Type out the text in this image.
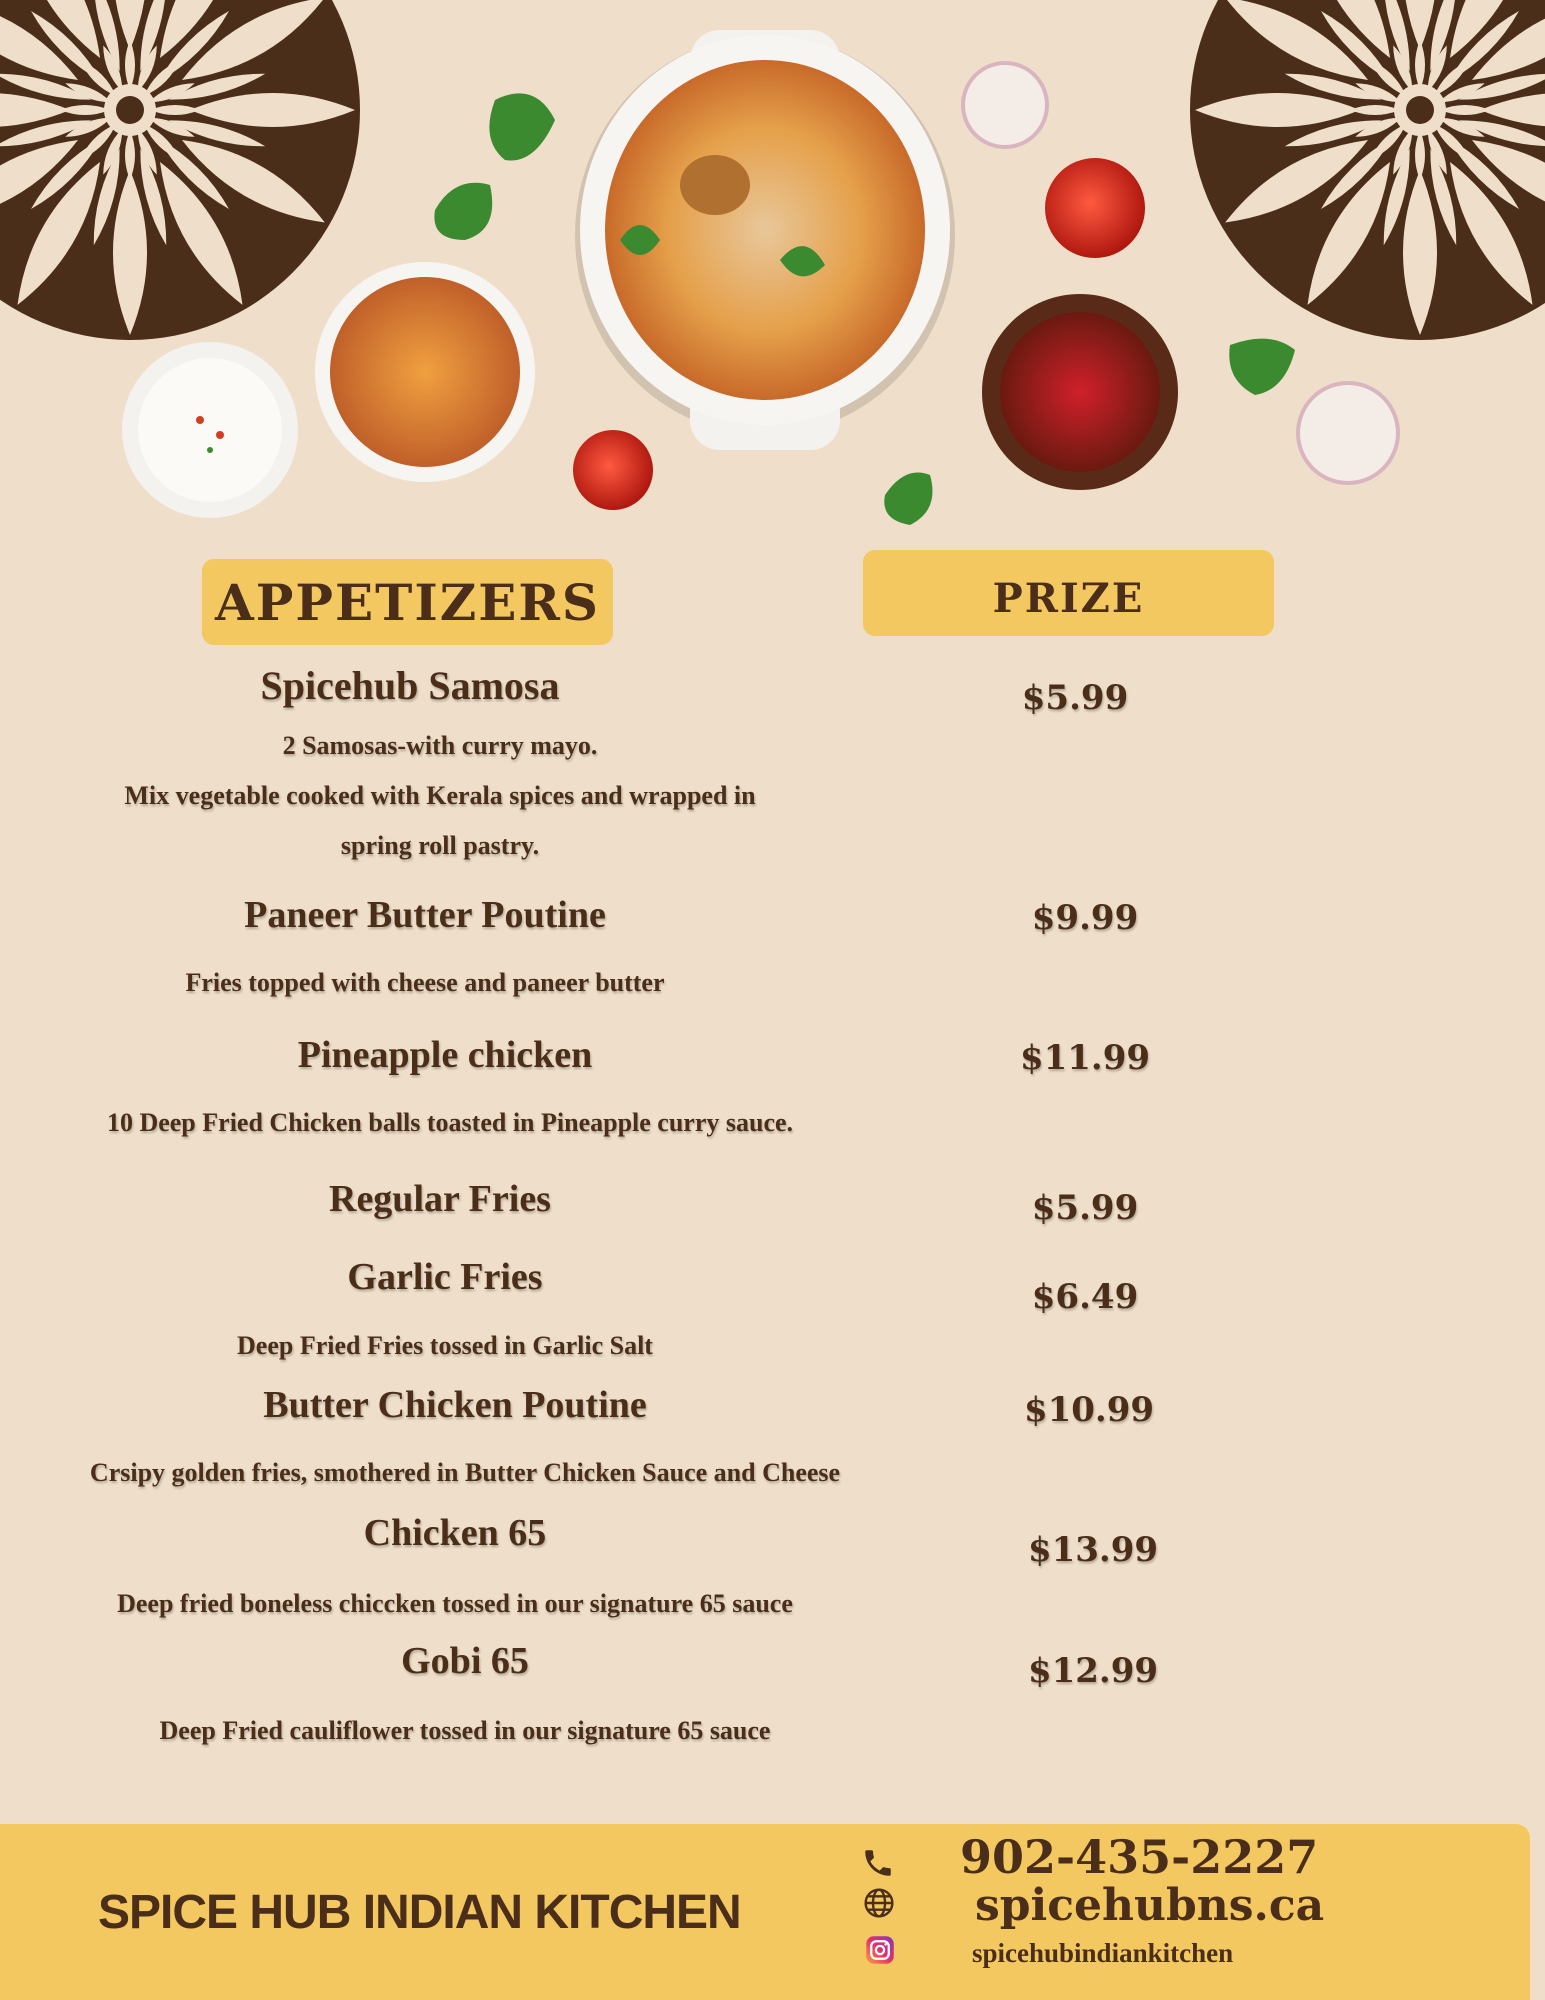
APPETIZERS	PRIZE
Spicehub Samosa
2 Samosas-with curry mayo.
Mix vegetable cooked with Kerala spices and wrapped in
spring roll pastry.
$5.99
Paneer Butter Poutine
Fries topped with cheese and paneer butter
$9.99
Pineapple chicken
10 Deep Fried Chicken balls toasted in Pineapple curry sauce.
$11.99
Regular Fries	$5.99
Garlic Fries
Deep Fried Fries tossed in Garlic Salt
$6.49
Butter Chicken Poutine
Crsipy golden fries, smothered in Butter Chicken Sauce and Cheese
$10.99
Chicken 65
Deep fried boneless chiccken tossed in our signature 65 sauce
$13.99
Gobi 65
Deep Fried cauliflower tossed in our signature 65 sauce
$12.99
SPICE HUB INDIAN KITCHEN
902-435-2227
spicehubns.ca
spicehubindiankitchen
